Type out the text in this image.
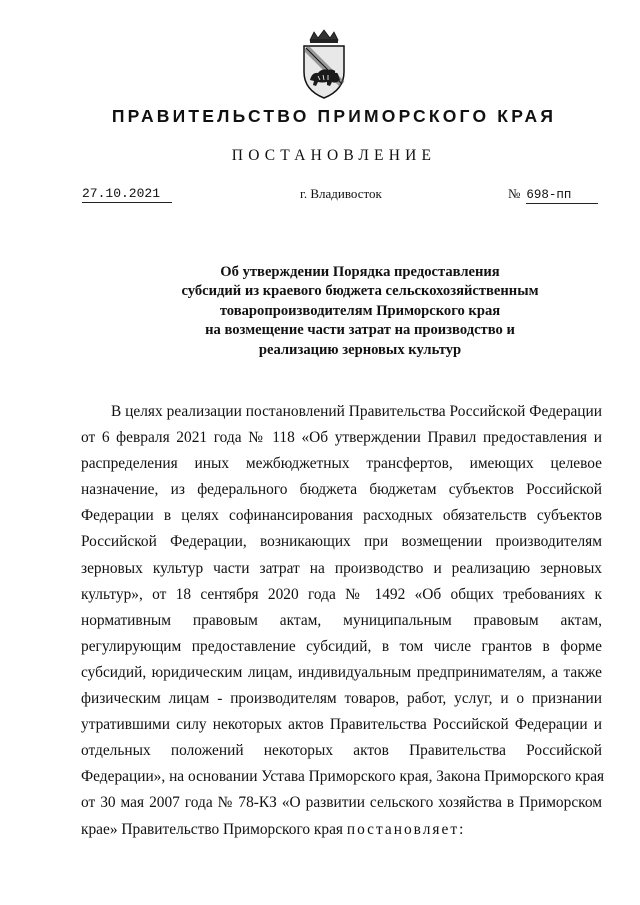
ПРАВИТЕЛЬСТВО ПРИМОРСКОГО КРАЯ
ПОСТАНОВЛЕНИЕ
27.10.2021	г. Владивосток	№ 698-пп
Об утверждении Порядка предоставления
субсидий из краевого бюджета сельскохозяйственным
товаропроизводителям Приморского края
на возмещение части затрат на производство и
реализацию зерновых культур
В целях реализации постановлений Правительства Российской Федерации
от 6 февраля 2021 года № 118 «Об утверждении Правил предоставления и
распределения иных межбюджетных трансфертов, имеющих целевое
назначение, из федерального бюджета бюджетам субъектов Российской
Федерации в целях софинансирования расходных обязательств субъектов
Российской Федерации, возникающих при возмещении производителям
зерновых культур части затрат на производство и реализацию зерновых
культур», от 18 сентября 2020 года № 1492 «Об общих требованиях к
нормативным правовым актам, муниципальным правовым актам,
регулирующим предоставление субсидий, в том числе грантов в форме
субсидий, юридическим лицам, индивидуальным предпринимателям, а также
физическим лицам - производителям товаров, работ, услуг, и о признании
утратившими силу некоторых актов Правительства Российской Федерации и
отдельных положений некоторых актов Правительства Российской
Федерации», на основании Устава Приморского края, Закона Приморского края
от 30 мая 2007 года № 78-КЗ «О развитии сельского хозяйства в Приморском
крае» Правительство Приморского края постановляет:
